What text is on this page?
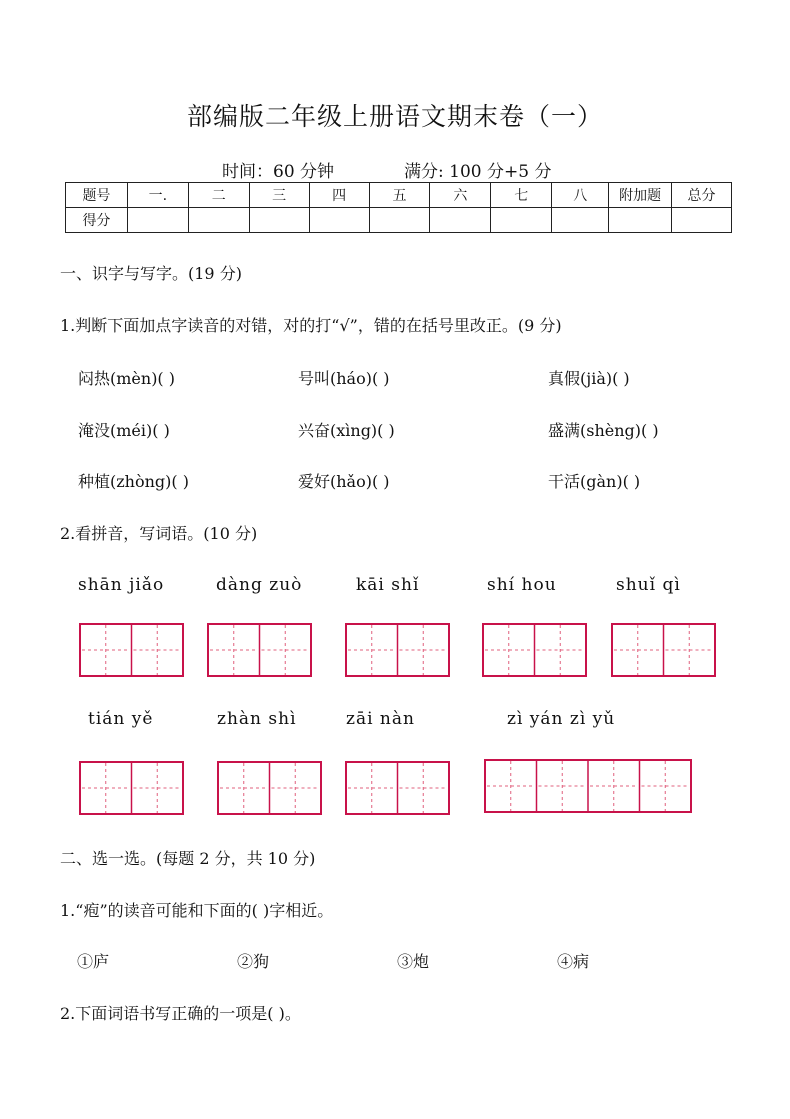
部编版二年级上册语文期末卷（一）
时间：60 分钟	满分: 100 分+5 分
题号	一.	二	三	四	五	六	七	八	附加题	总分
得分										
一、识字与写字。(19 分)
1.判断下面加点字读音的对错，对的打“√”，错的在括号里改正。(9 分)
闷热(mèn)( )	号叫(háo)( )	真假(jià)( )
淹没(méi)( )	兴奋(xìng)( )	盛满(shèng)( )
种植(zhòng)( )	爱好(hǎo)( )	干活(gàn)( )
2.看拼音，写词语。(10 分)
shān jiǎo	dàng zuò	kāi shǐ	shí hou	shuǐ qì
tián yě	zhàn shì	zāi nàn	zì yán zì yǔ
二、选一选。(每题 2 分，共 10 分)
1.“疱”的读音可能和下面的( )字相近。
①庐	②狗	③炮	④病
2.下面词语书写正确的一项是( )。
